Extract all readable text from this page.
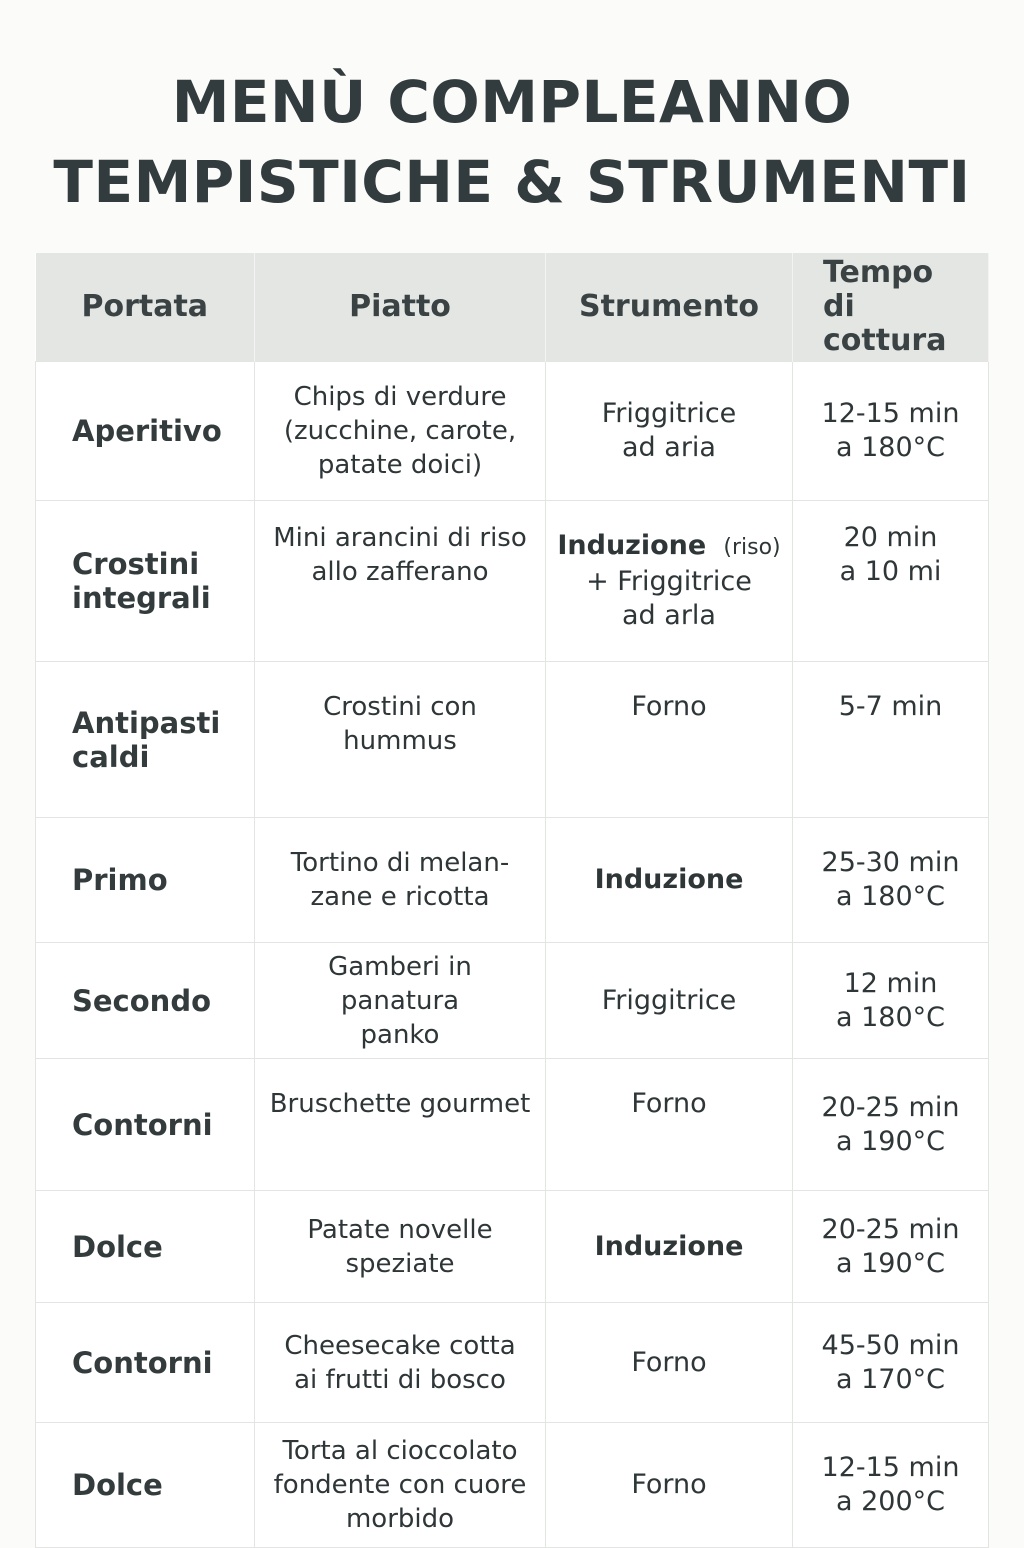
MENÙ COMPLEANNO
TEMPISTICHE & STRUMENTI
Portata	Piatto	Strumento	Tempo
di cottura

Aperitivo	Chips di verdure
(zucchine, carote,
patate doici)	Friggitrice
ad aria	12-15 min
a 180°C

Crostini
integrali	Mini arancini di riso
allo zafferano	Induzione (riso)
+ Friggitrice
ad arla	20 min
a 10 mi

Antipasti
caldi	Crostini con
hummus	Forno	5-7 min

Primo	Tortino di melan-
zane e ricotta	Induzione	25-30 min
a 180°C

Secondo	Gamberi in panatura
panko	Friggitrice	12 min
a 180°C

Contorni	Bruschette gourmet	Forno	20-25 min
a 190°C

Dolce	Patate novelle
speziate	Induzione	20-25 min
a 190°C

Contorni	Cheesecake cotta
ai frutti di bosco	Forno	45-50 min
a 170°C

Dolce	Torta al cioccolato
fondente con cuore
morbido	Forno	12-15 min
a 200°C
